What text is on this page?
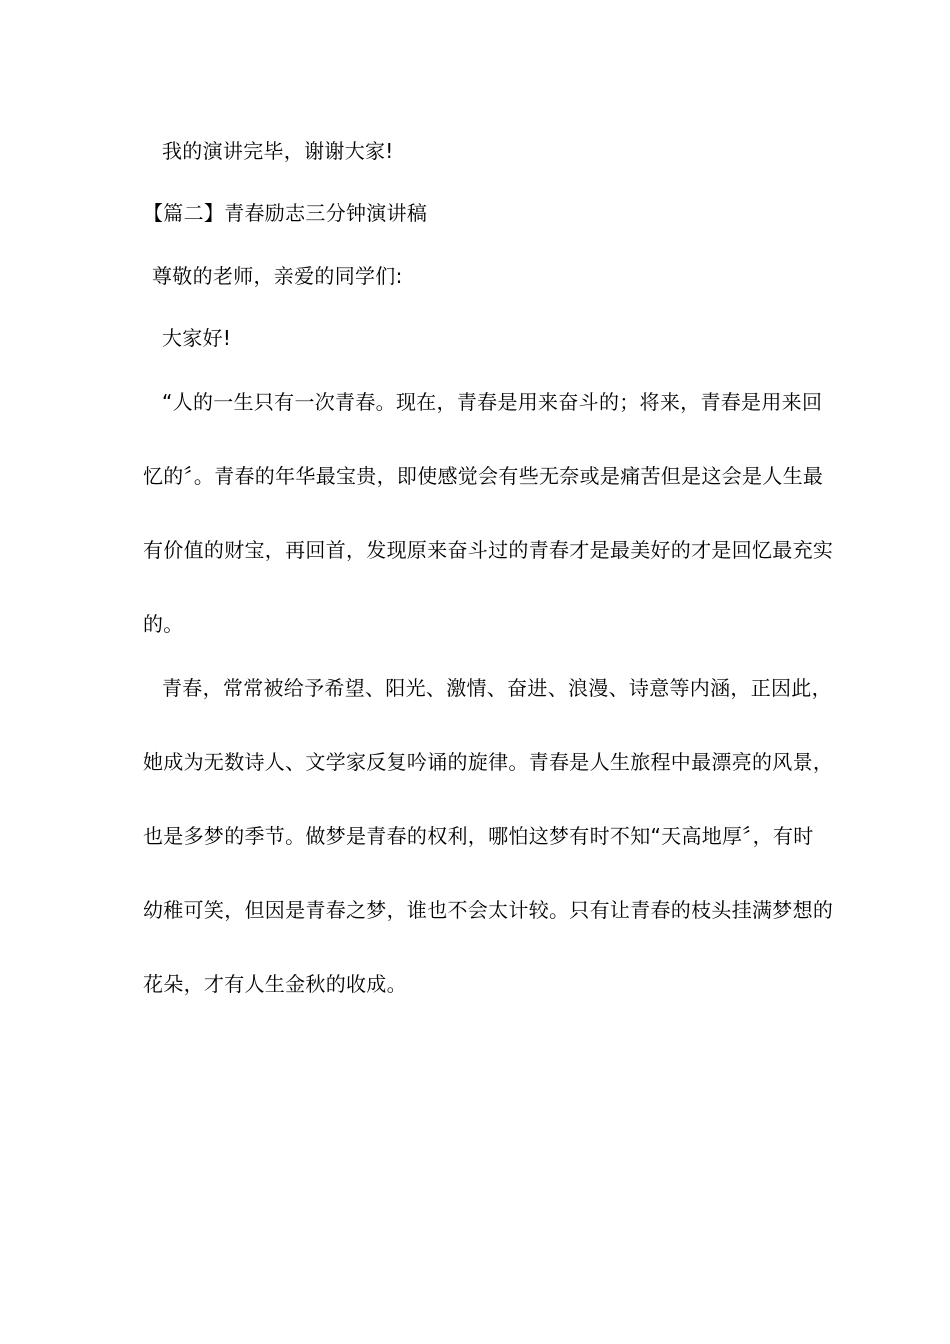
我的演讲完毕，谢谢大家!
【篇二】青春励志三分钟演讲稿
尊敬的老师，亲爱的同学们:
大家好!
“人的一生只有一次青春。现在，青春是用来奋斗的；将来，青春是用来回
忆的〞。青春的年华最宝贵，即使感觉会有些无奈或是痛苦但是这会是人生最
有价值的财宝，再回首，发现原来奋斗过的青春才是最美好的才是回忆最充实
的。
青春，常常被给予希望、阳光、激情、奋进、浪漫、诗意等内涵，正因此，
她成为无数诗人、文学家反复吟诵的旋律。青春是人生旅程中最漂亮的风景，
也是多梦的季节。做梦是青春的权利，哪怕这梦有时不知“天高地厚〞，有时
幼稚可笑，但因是青春之梦，谁也不会太计较。只有让青春的枝头挂满梦想的
花朵，才有人生金秋的收成。
